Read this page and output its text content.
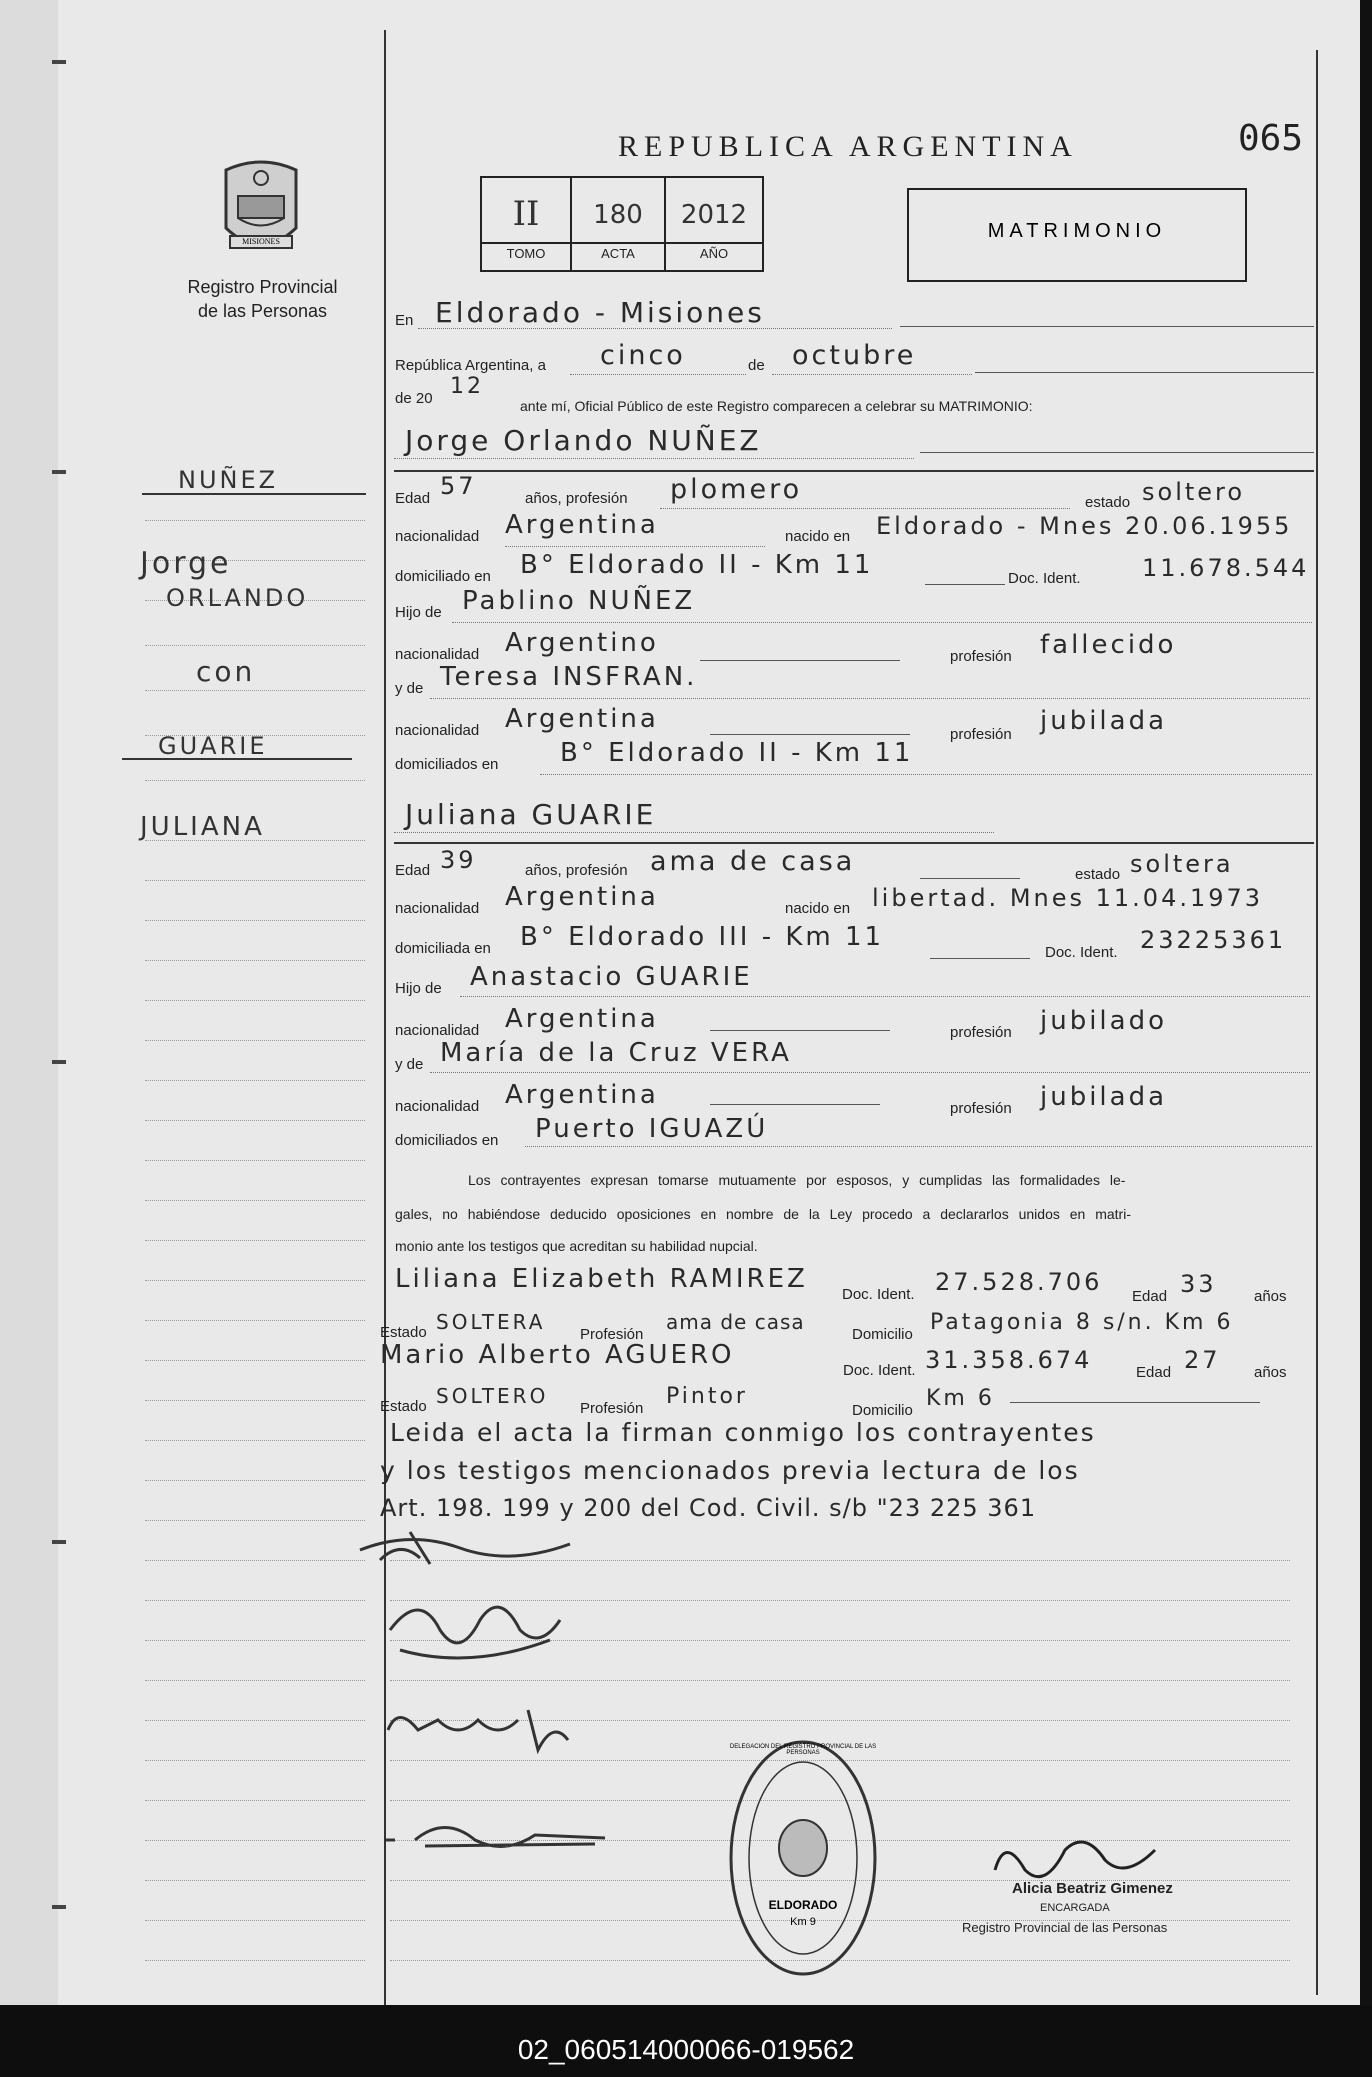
REPUBLICA ARGENTINA	065
II	180	2012
TOMO	ACTA	AÑO
MATRIMONIO
MISIONES
Registro Provincial
de las Personas
NUÑEZ
Jorge
ORLANDO
con
GUARIE
JULIANA
En Eldorado - Misiones
República Argentina, a cinco	de octubre
de 20 12
ante mí, Oficial Público de este Registro comparecen a celebrar su MATRIMONIO:
Jorge Orlando NUÑEZ
Edad 57	años, profesión plomero	estado soltero
nacionalidad Argentina	nacido en Eldorado - Mnes 20.06.1955
domiciliado en B° Eldorado II - Km 11	Doc. Ident.	11.678.544
Hijo de Pablino NUÑEZ
nacionalidad Argentino	profesión fallecido
y de Teresa INSFRAN.
nacionalidad Argentina
profesión jubilada
domiciliados en B° Eldorado II - Km 11
Juliana GUARIE
Edad 39	años, profesión ama de casa	estado soltera
nacionalidad Argentina	nacido en libertad. Mnes 11.04.1973
domiciliada en B° Eldorado III - Km 11
Doc. Ident. 23225361
Hijo de Anastacio GUARIE
nacionalidad Argentina	profesión jubilado
y de María de la Cruz VERA
nacionalidad Argentina	profesión jubilada
domiciliados en Puerto IGUAZÚ
Los contrayentes expresan tomarse mutuamente por esposos, y cumplidas las formalidades le-
gales, no habiéndose deducido oposiciones en nombre de la Ley procedo a declararlos unidos en matri-
monio ante los testigos que acreditan su habilidad nupcial.
Liliana Elizabeth RAMIREZ
Doc. Ident. 27.528.706
Edad 33 años
Estado SOLTERA
Profesión
ama de casa
Domicilio Patagonia 8 s/n. Km 6
Mario Alberto AGUERO
Doc. Ident. 31.358.674	Edad 27 años
Estado SOLTERO
Profesión Pintor
Domicilio Km 6
Leida el acta la firman conmigo los contrayentes
y los testigos mencionados previa lectura de los
Art. 198. 199 y 200 del Cod. Civil. s/b "23 225 361
DELEGACION DEL REGISTRO PROVINCIAL DE LAS PERSONAS
ELDORADO
Km 9
Alicia Beatriz Gimenez
ENCARGADA
Registro Provincial de las Personas
02_060514000066-019562
